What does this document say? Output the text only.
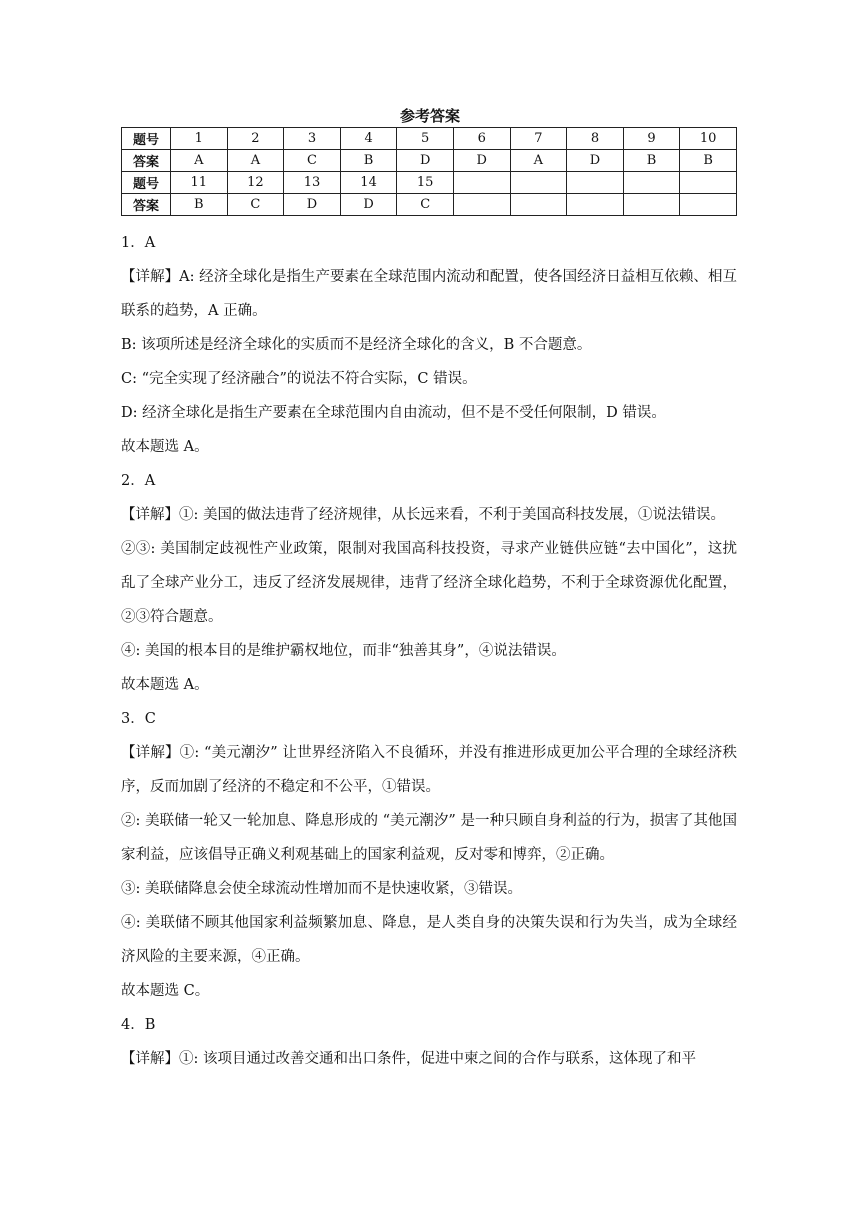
参考答案
题号	1	2	3	4	5	6	7	8	9	10
答案	A	A	C	B	D	D	A	D	B	B
题号	11	12	13	14	15					
答案	B	C	D	D	C					

1．A

【详解】A: 经济全球化是指生产要素在全球范围内流动和配置，使各国经济日益相互依赖、相互联系的趋势，A 正确。

B: 该项所述是经济全球化的实质而不是经济全球化的含义，B 不合题意。

C: “完全实现了经济融合”的说法不符合实际，C 错误。

D: 经济全球化是指生产要素在全球范围内自由流动，但不是不受任何限制，D 错误。

故本题选 A。

2．A

【详解】①: 美国的做法违背了经济规律，从长远来看，不利于美国高科技发展，①说法错误。

②③: 美国制定歧视性产业政策，限制对我国高科技投资，寻求产业链供应链“去中国化”，这扰乱了全球产业分工，违反了经济发展规律，违背了经济全球化趋势，不利于全球资源优化配置，②③符合题意。

④: 美国的根本目的是维护霸权地位，而非“独善其身”，④说法错误。

故本题选 A。

3．C

【详解】①: “美元潮汐” 让世界经济陷入不良循环，并没有推进形成更加公平合理的全球经济秩序，反而加剧了经济的不稳定和不公平，①错误。

②: 美联储一轮又一轮加息、降息形成的 “美元潮汐” 是一种只顾自身利益的行为，损害了其他国家利益，应该倡导正确义利观基础上的国家利益观，反对零和博弈，②正确。

③: 美联储降息会使全球流动性增加而不是快速收紧，③错误。

④: 美联储不顾其他国家利益频繁加息、降息，是人类自身的决策失误和行为失当，成为全球经济风险的主要来源，④正确。

故本题选 C。

4．B

【详解】①: 该项目通过改善交通和出口条件，促进中柬之间的合作与联系，这体现了和平
